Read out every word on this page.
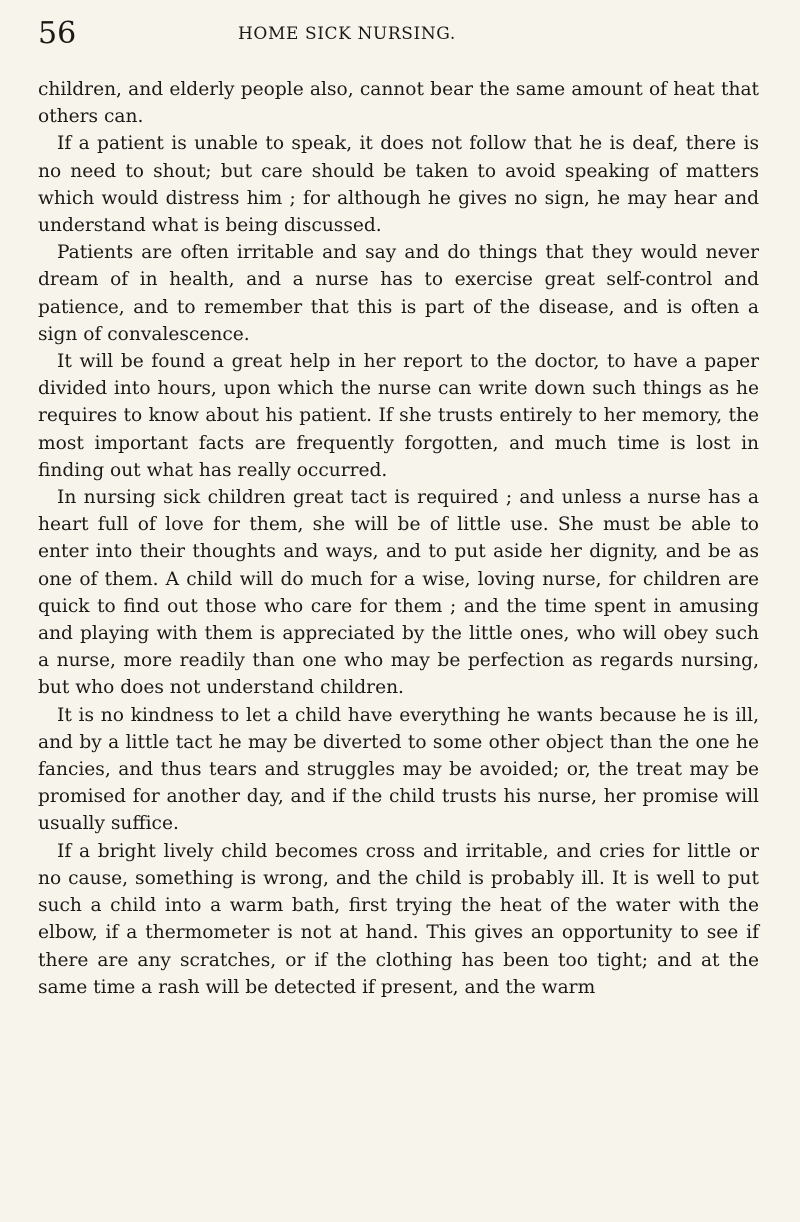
56	HOME SICK NURSING.

children, and elderly people also, cannot bear the same amount of heat that others can.

If a patient is unable to speak, it does not follow that he is deaf, there is no need to shout; but care should be taken to avoid speaking of matters which would distress him ; for although he gives no sign, he may hear and understand what is being discussed.

Patients are often irritable and say and do things that they would never dream of in health, and a nurse has to exercise great self-control and patience, and to remember that this is part of the disease, and is often a sign of convalescence.

It will be found a great help in her report to the doctor, to have a paper divided into hours, upon which the nurse can write down such things as he requires to know about his patient. If she trusts entirely to her memory, the most important facts are frequently forgotten, and much time is lost in finding out what has really occurred.

In nursing sick children great tact is required ; and unless a nurse has a heart full of love for them, she will be of little use. She must be able to enter into their thoughts and ways, and to put aside her dignity, and be as one of them. A child will do much for a wise, loving nurse, for children are quick to find out those who care for them ; and the time spent in amusing and playing with them is appreciated by the little ones, who will obey such a nurse, more readily than one who may be perfection as regards nursing, but who does not understand children.

It is no kindness to let a child have everything he wants because he is ill, and by a little tact he may be diverted to some other object than the one he fancies, and thus tears and struggles may be avoided; or, the treat may be promised for another day, and if the child trusts his nurse, her promise will usually suffice.

If a bright lively child becomes cross and irritable, and cries for little or no cause, something is wrong, and the child is probably ill. It is well to put such a child into a warm bath, first trying the heat of the water with the elbow, if a thermometer is not at hand. This gives an opportunity to see if there are any scratches, or if the clothing has been too tight; and at the same time a rash will be detected if present, and the warm
